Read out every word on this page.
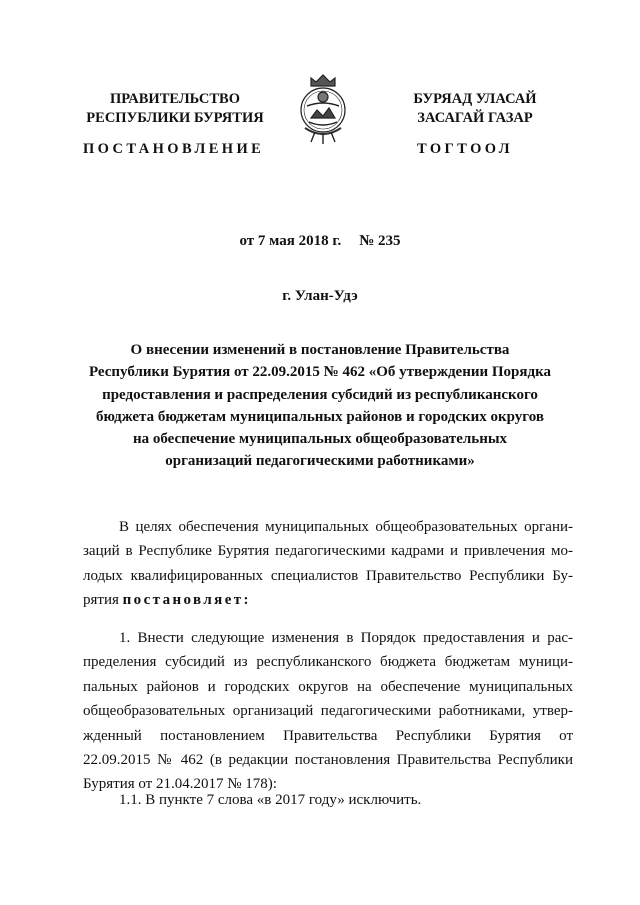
ПРАВИТЕЛЬСТВО
РЕСПУБЛИКИ БУРЯТИЯ
ПОСТАНОВЛЕНИЕ
БУРЯАД УЛАСАЙ
ЗАСАГАЙ ГАЗАР
ТОГТООЛ
от 7 мая 2018 г. № 235
г. Улан-Удэ
О внесении изменений в постановление Правительства
Республики Бурятия от 22.09.2015 № 462 «Об утверждении Порядка
предоставления и распределения субсидий из республиканского
бюджета бюджетам муниципальных районов и городских округов
на обеспечение муниципальных общеобразовательных
организаций педагогическими работниками»
В целях обеспечения муниципальных общеобразовательных органи-
заций в Республике Бурятия педагогическими кадрами и привлечения мо-
лодых квалифицированных специалистов Правительство Республики Бу-
рятия постановляет:
1. Внести следующие изменения в Порядок предоставления и рас-
пределения субсидий из республиканского бюджета бюджетам муници-
пальных районов и городских округов на обеспечение муниципальных
общеобразовательных организаций педагогическими работниками, утвер-
жденный постановлением Правительства Республики Бурятия от
22.09.2015 № 462 (в редакции постановления Правительства Республики
Бурятия от 21.04.2017 № 178):
1.1. В пункте 7 слова «в 2017 году» исключить.
